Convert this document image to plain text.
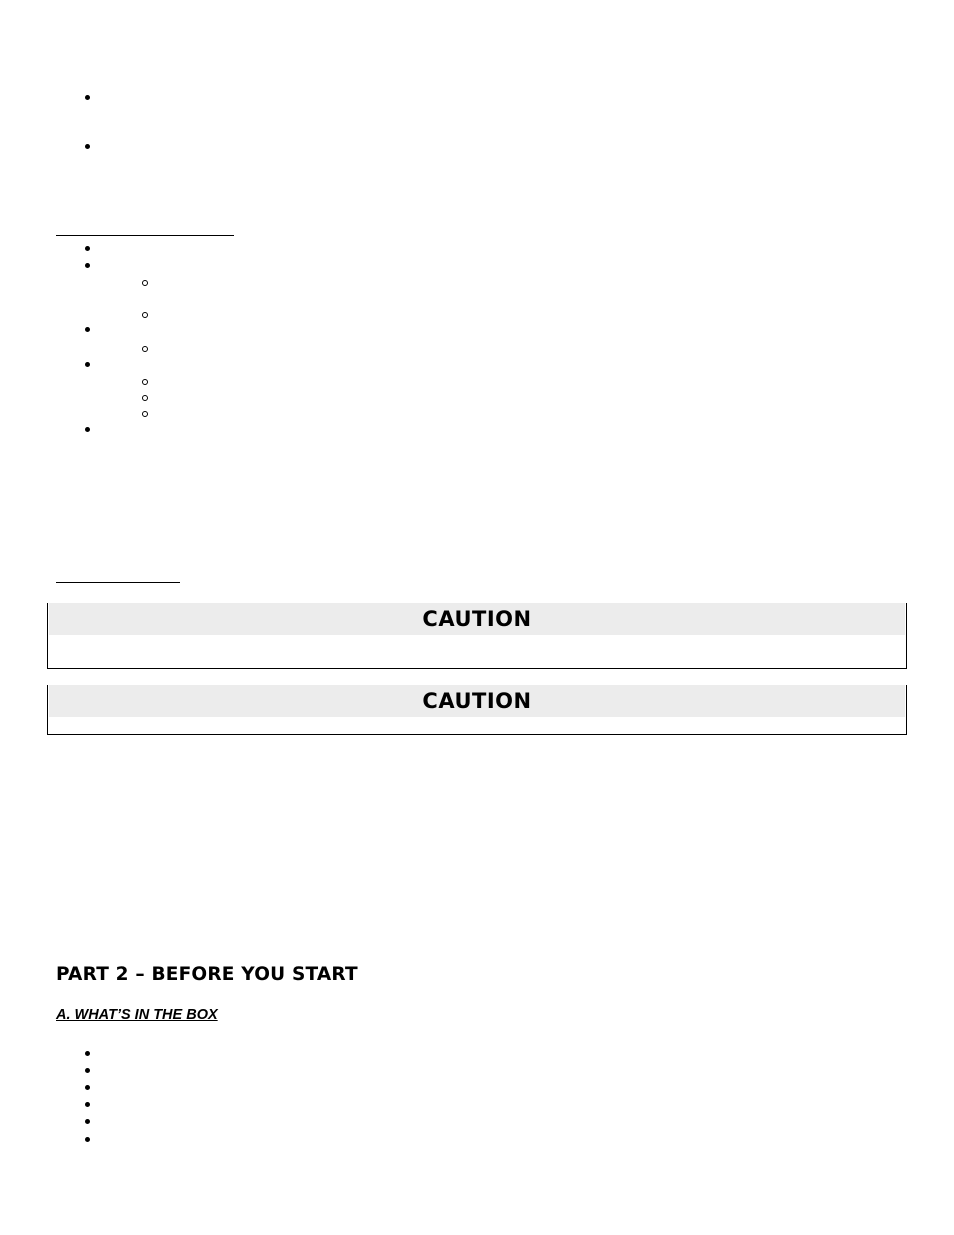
CAUTION
CAUTION
PART 2 – BEFORE YOU START
A. WHAT’S IN THE BOX
